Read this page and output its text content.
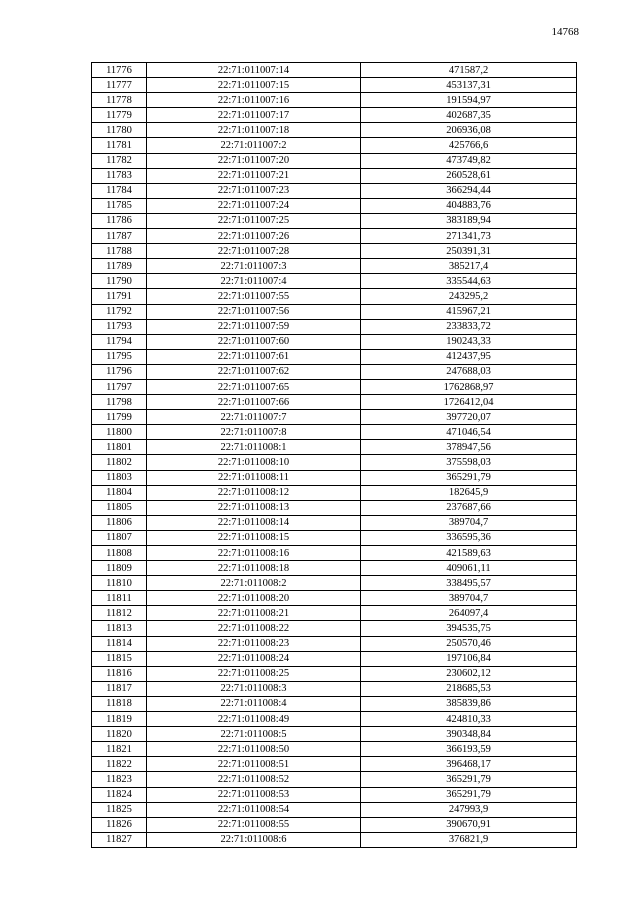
14768
11776	22:71:011007:14	471587,2
11777	22:71:011007:15	453137,31
11778	22:71:011007:16	191594,97
11779	22:71:011007:17	402687,35
11780	22:71:011007:18	206936,08
11781	22:71:011007:2	425766,6
11782	22:71:011007:20	473749,82
11783	22:71:011007:21	260528,61
11784	22:71:011007:23	366294,44
11785	22:71:011007:24	404883,76
11786	22:71:011007:25	383189,94
11787	22:71:011007:26	271341,73
11788	22:71:011007:28	250391,31
11789	22:71:011007:3	385217,4
11790	22:71:011007:4	335544,63
11791	22:71:011007:55	243295,2
11792	22:71:011007:56	415967,21
11793	22:71:011007:59	233833,72
11794	22:71:011007:60	190243,33
11795	22:71:011007:61	412437,95
11796	22:71:011007:62	247688,03
11797	22:71:011007:65	1762868,97
11798	22:71:011007:66	1726412,04
11799	22:71:011007:7	397720,07
11800	22:71:011007:8	471046,54
11801	22:71:011008:1	378947,56
11802	22:71:011008:10	375598,03
11803	22:71:011008:11	365291,79
11804	22:71:011008:12	182645,9
11805	22:71:011008:13	237687,66
11806	22:71:011008:14	389704,7
11807	22:71:011008:15	336595,36
11808	22:71:011008:16	421589,63
11809	22:71:011008:18	409061,11
11810	22:71:011008:2	338495,57
11811	22:71:011008:20	389704,7
11812	22:71:011008:21	264097,4
11813	22:71:011008:22	394535,75
11814	22:71:011008:23	250570,46
11815	22:71:011008:24	197106,84
11816	22:71:011008:25	230602,12
11817	22:71:011008:3	218685,53
11818	22:71:011008:4	385839,86
11819	22:71:011008:49	424810,33
11820	22:71:011008:5	390348,84
11821	22:71:011008:50	366193,59
11822	22:71:011008:51	396468,17
11823	22:71:011008:52	365291,79
11824	22:71:011008:53	365291,79
11825	22:71:011008:54	247993,9
11826	22:71:011008:55	390670,91
11827	22:71:011008:6	376821,9
